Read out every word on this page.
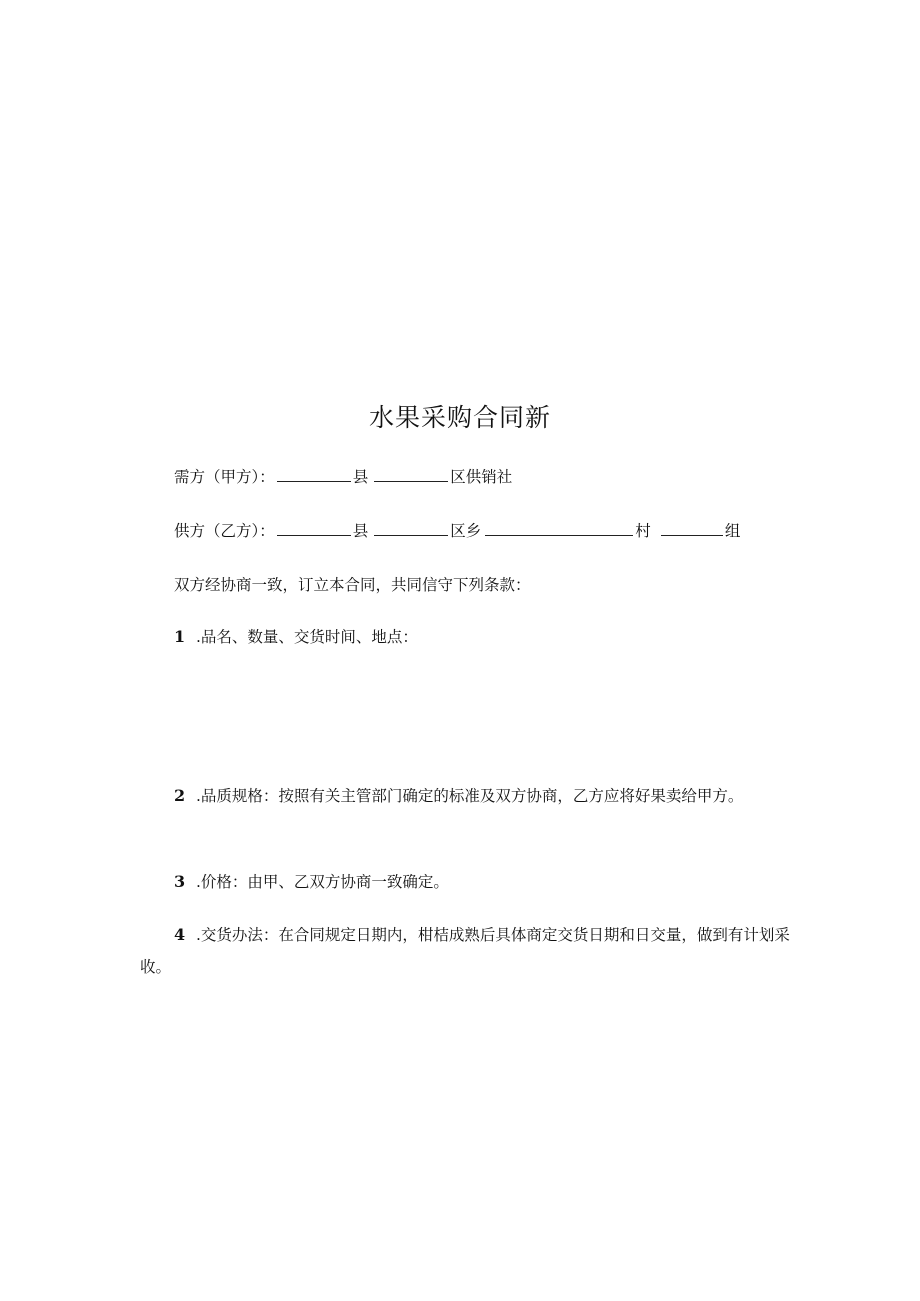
水果采购合同新
需方（甲方）：	县	区供销社
供方（乙方）：	县	区乡	村	组
双方经协商一致，订立本合同，共同信守下列条款：
1 .品名、数量、交货时间、地点：
2 .品质规格：按照有关主管部门确定的标准及双方协商，乙方应将好果卖给甲方。
3 .价格：由甲、乙双方协商一致确定。
4 .交货办法：在合同规定日期内，柑桔成熟后具体商定交货日期和日交量，做到有计划采收。
